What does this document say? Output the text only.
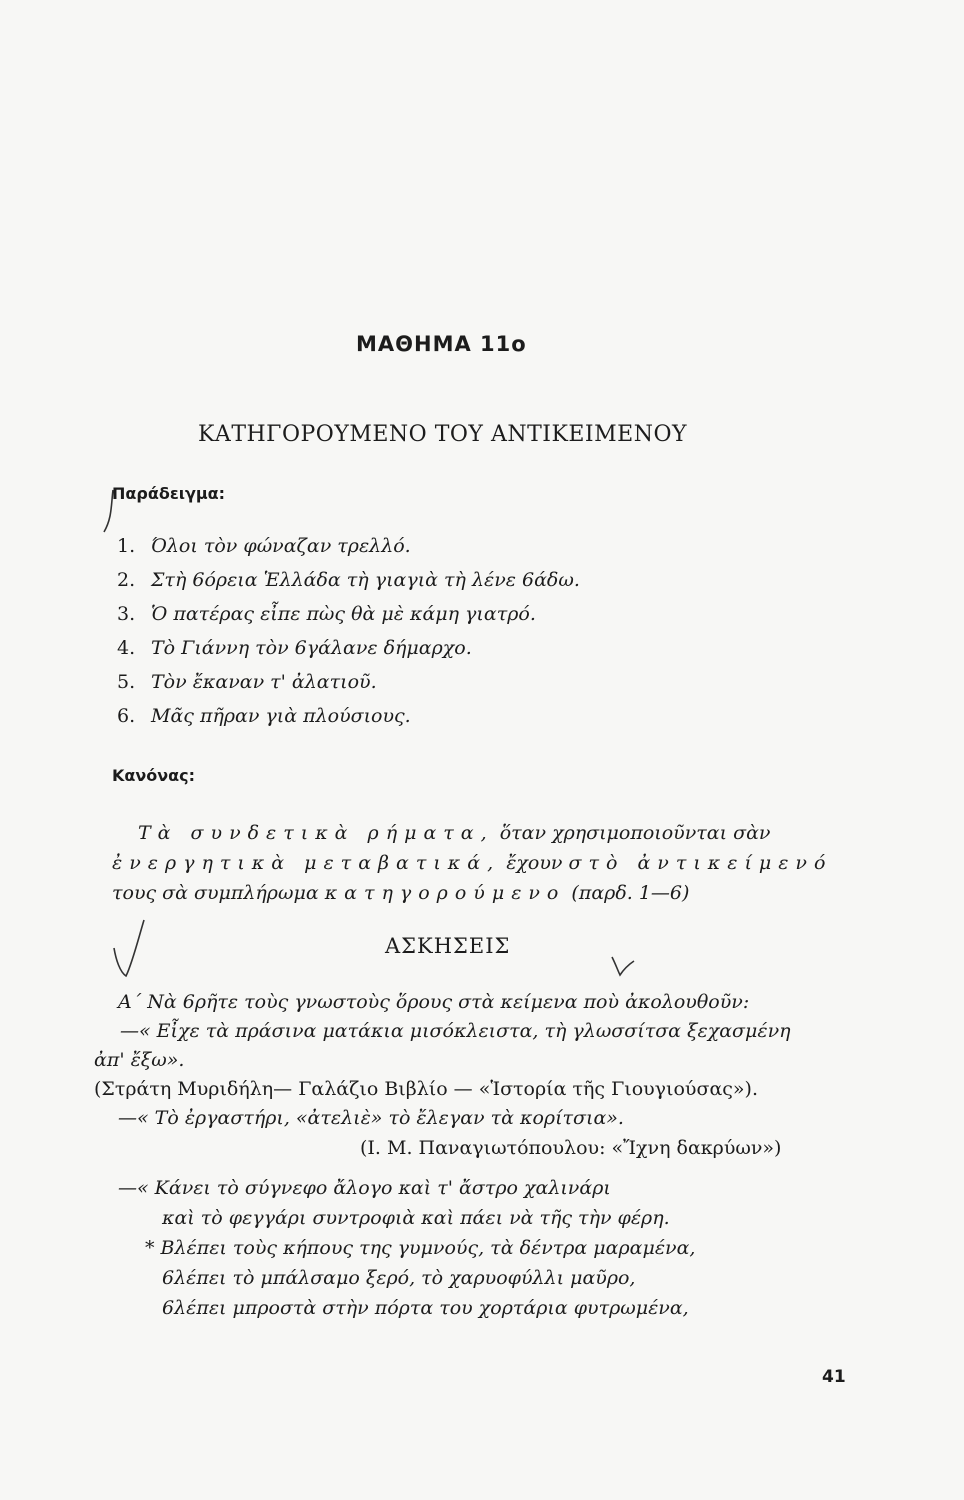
ΜΑΘΗΜΑ 11ο
ΚΑΤΗΓΟΡΟΥΜΕΝΟ ΤΟΥ ΑΝΤΙΚΕΙΜΕΝΟΥ
Παράδειγμα:
1. Όλοι τὸν φώναζαν τρελλό.
2. Στὴ 6όρεια Ἑλλάδα τὴ γιαγιὰ τὴ λένε 6άδω.
3. Ὁ πατέρας εἶπε πὼς θὰ μὲ κάμη γιατρό.
4. Τὸ Γιάννη τὸν 6γάλανε δήμαρχο.
5. Τὸν ἔκαναν τ' ἀλατιοῦ.
6. Μᾶς πῆραν γιὰ πλούσιους.
Κανόνας:
Τὰ συνδετικὰ ρήματα, ὅταν χρησιμοποιοῦνται σὰν
ἐνεργητικὰ μεταβατικά, ἔχουν στὸ ἀντικείμενό
τους σὰ συμπλήρωμα κατηγορούμενο (παρδ. 1—6)
ΑΣΚΗΣΕΙΣ
Α΄ Νὰ 6ρῆτε τοὺς γνωστοὺς ὅρους στὰ κείμενα ποὺ ἀκολουθοῦν:
—« Εἶχε τὰ πράσινα ματάκια μισόκλειστα, τὴ γλωσσίτσα ξεχασμένη
ἀπ' ἔξω».
(Στράτη Μυριδήλη— Γαλάζιο Βιβλίο — «Ἱστορία τῆς Γιουγιούσας»).
—« Τὸ ἐργαστήρι, «ἀτελιὲ» τὸ ἔλεγαν τὰ κορίτσια».
(Ι. Μ. Παναγιωτόπουλου: «Ἴχνη δακρύων»)
—« Κάνει τὸ σύγνεφο ἄλογο καὶ τ' ἄστρο χαλινάρι
καὶ τὸ φεγγάρι συντροφιὰ καὶ πάει νὰ τῆς τὴν φέρη.
* Βλέπει τοὺς κήπους της γυμνούς, τὰ δέντρα μαραμένα,
6λέπει τὸ μπάλσαμο ξερό, τὸ χαρυοφύλλι μαῦρο,
6λέπει μπροστὰ στὴν πόρτα του χορτάρια φυτρωμένα,
41
